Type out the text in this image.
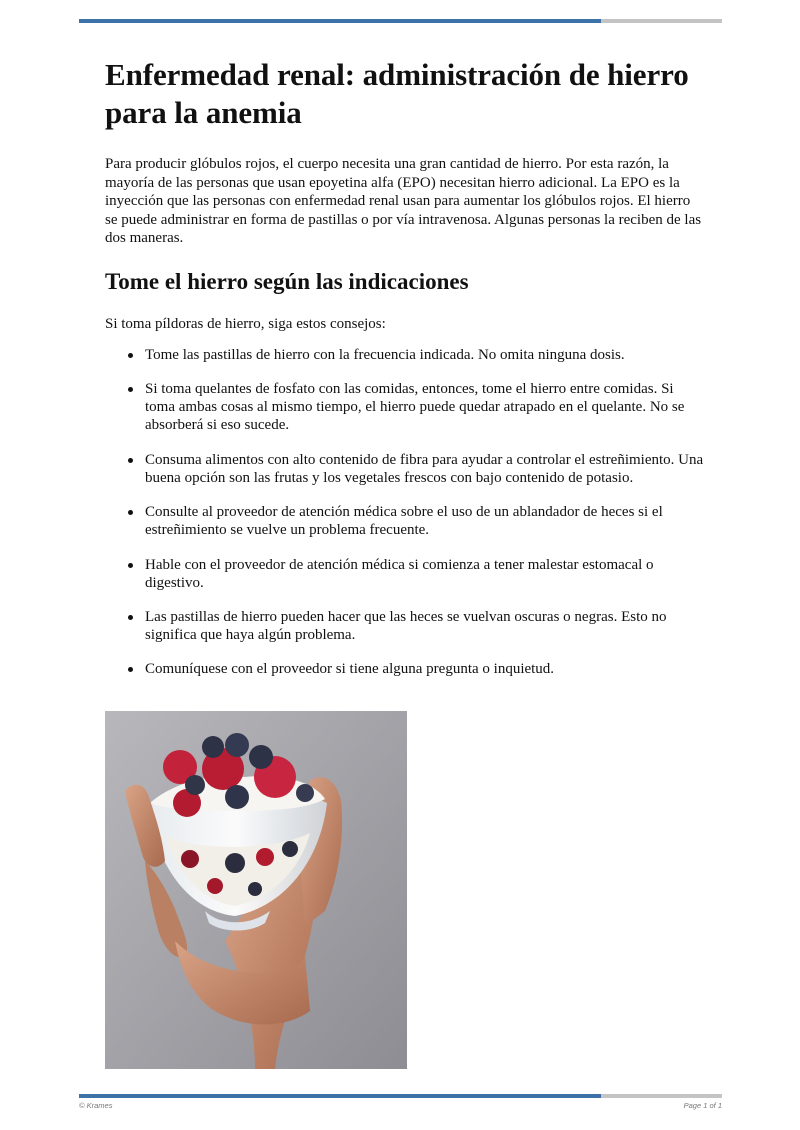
Enfermedad renal: administración de hierro para la anemia

Para producir glóbulos rojos, el cuerpo necesita una gran cantidad de hierro. Por esta razón, la mayoría de las personas que usan epoyetina alfa (EPO) necesitan hierro adicional. La EPO es la inyección que las personas con enfermedad renal usan para aumentar los glóbulos rojos. El hierro se puede administrar en forma de pastillas o por vía intravenosa. Algunas personas la reciben de las dos maneras.

Tome el hierro según las indicaciones

Si toma píldoras de hierro, siga estos consejos:

Tome las pastillas de hierro con la frecuencia indicada. No omita ninguna dosis.
Si toma quelantes de fosfato con las comidas, entonces, tome el hierro entre comidas. Si toma ambas cosas al mismo tiempo, el hierro puede quedar atrapado en el quelante. No se absorberá si eso sucede.
Consuma alimentos con alto contenido de fibra para ayudar a controlar el estreñimiento. Una buena opción son las frutas y los vegetales frescos con bajo contenido de potasio.
Consulte al proveedor de atención médica sobre el uso de un ablandador de heces si el estreñimiento se vuelve un problema frecuente.
Hable con el proveedor de atención médica si comienza a tener malestar estomacal o digestivo.
Las pastillas de hierro pueden hacer que las heces se vuelvan oscuras o negras. Esto no significa que haya algún problema.
Comuníquese con el proveedor si tiene alguna pregunta o inquietud.
© Krames	Page 1 of 1
